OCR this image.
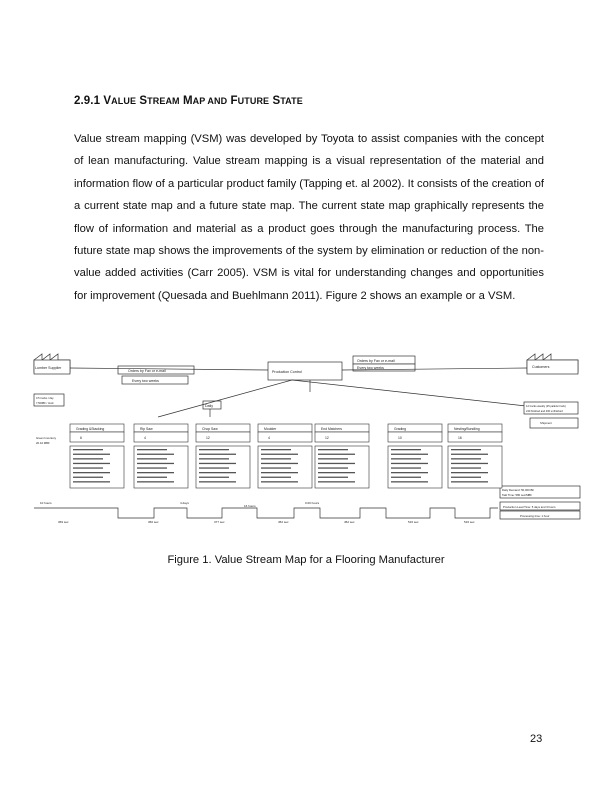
2.9.1 VALUE STREAM MAP AND FUTURE STATE
Value stream mapping (VSM) was developed by Toyota to assist companies with the concept of lean manufacturing. Value stream mapping is a visual representation of the material and information flow of a particular product family (Tapping et. al 2002). It consists of the creation of a current state map and a future state map. The current state map graphically represents the flow of information and material as a product goes through the manufacturing process. The future state map shows the improvements of the system by elimination or reduction of the non-value added activities (Carr 2005). VSM is vital for understanding changes and opportunities for improvement (Quesada and Buehlmann 2011). Figure 2 shows an example or a VSM.
Lumber Supplier	Customers
Production Control
Orders by Fax or e-mail
Every two weeks
Orders by Fax or e-mail
Every two weeks
Daily
0.5 trucks / day
7,500BF / truck
12 trucks weekly (25 pallets/ truck)
240 finished and 400 unfinished
Shipment
Green Inventory
20.42 MBF
Daily Demand: 50,000 BF
Takt Time: 580 sec/MBF
10 hours	4 days
16 hours
0.00 hours
369 sec	360 sec	377 sec	452 sec	452 sec	516 sec	516 sec
Production Lead Time: 5 days and 3 hours
Processing time: 1 hour
Grading &Stacking
6
Rip Saw
4
Chop Saw
12
Moulder
4
End Matchers
12
Grading
10
Nesting/Bundling
16
Figure 1. Value Stream Map for a Flooring Manufacturer
23
